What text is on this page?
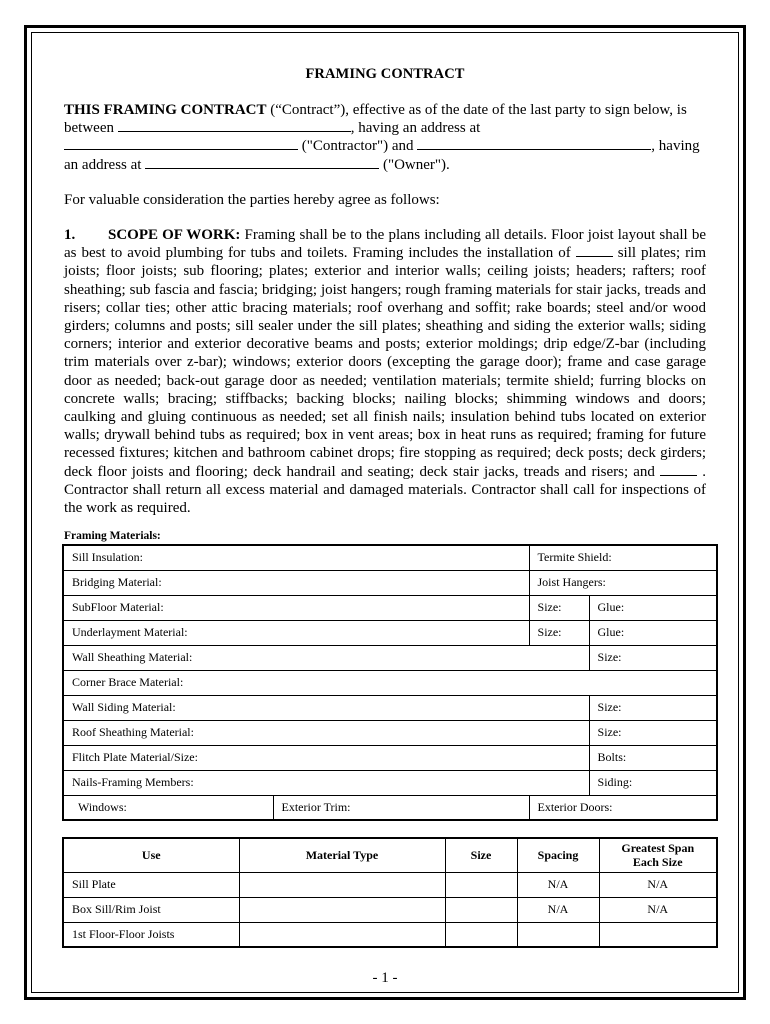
FRAMING CONTRACT

THIS FRAMING CONTRACT (“Contract”), effective as of the date of the last party to sign below, is between	, having an address at
("Contractor") and	, having an address at	("Owner").

For valuable consideration the parties hereby agree as follows:

1. SCOPE OF WORK: Framing shall be to the plans including all details. Floor joist layout shall be as best to avoid plumbing for tubs and toilets. Framing includes the installation of  sill plates; rim joists; floor joists; sub flooring; plates; exterior and interior walls; ceiling joists; headers; rafters; roof sheathing; sub fascia and fascia; bridging; joist hangers; rough framing materials for stair jacks, treads and risers; collar ties; other attic bracing materials; roof overhang and soffit; rake boards; steel and/or wood girders; columns and posts; sill sealer under the sill plates; sheathing and siding the exterior walls; siding corners; interior and exterior decorative beams and posts; exterior moldings; drip edge/Z-bar (including trim materials over z-bar); windows; exterior doors (excepting the garage door); frame and case garage door as needed; back-out garage door as needed; ventilation materials; termite shield; furring blocks on concrete walls; bracing; stiffbacks; backing blocks; nailing blocks; shimming windows and doors; caulking and gluing continuous as needed; set all finish nails; insulation behind tubs located on exterior walls; drywall behind tubs as required; box in vent areas; box in heat runs as required; framing for future recessed fixtures; kitchen and bathroom cabinet drops; fire stopping as required; deck posts; deck girders; deck floor joists and flooring; deck handrail and seating; deck stair jacks, treads and risers; and  . Contractor shall return all excess material and damaged materials. Contractor shall call for inspections of the work as required.

Framing Materials:
Sill Insulation:		Termite Shield:	
Bridging Material:		Joist Hangers:	
SubFloor Material:		Size:	Glue:
Underlayment Material:		Size:	Glue:
Wall Sheathing Material:			Size:
Corner Brace Material:			
Wall Siding Material:			Size:
Roof Sheathing Material:			Size:
Flitch Plate Material/Size:			Bolts:
Nails-Framing Members:			Siding:
Windows:	Exterior Trim:	Exterior Doors:	
Use	Material Type	Size	Spacing	Greatest Span
Each Size
Sill Plate			N/A	N/A
Box Sill/Rim Joist			N/A	N/A
1st Floor-Floor Joists				
- 1 -
